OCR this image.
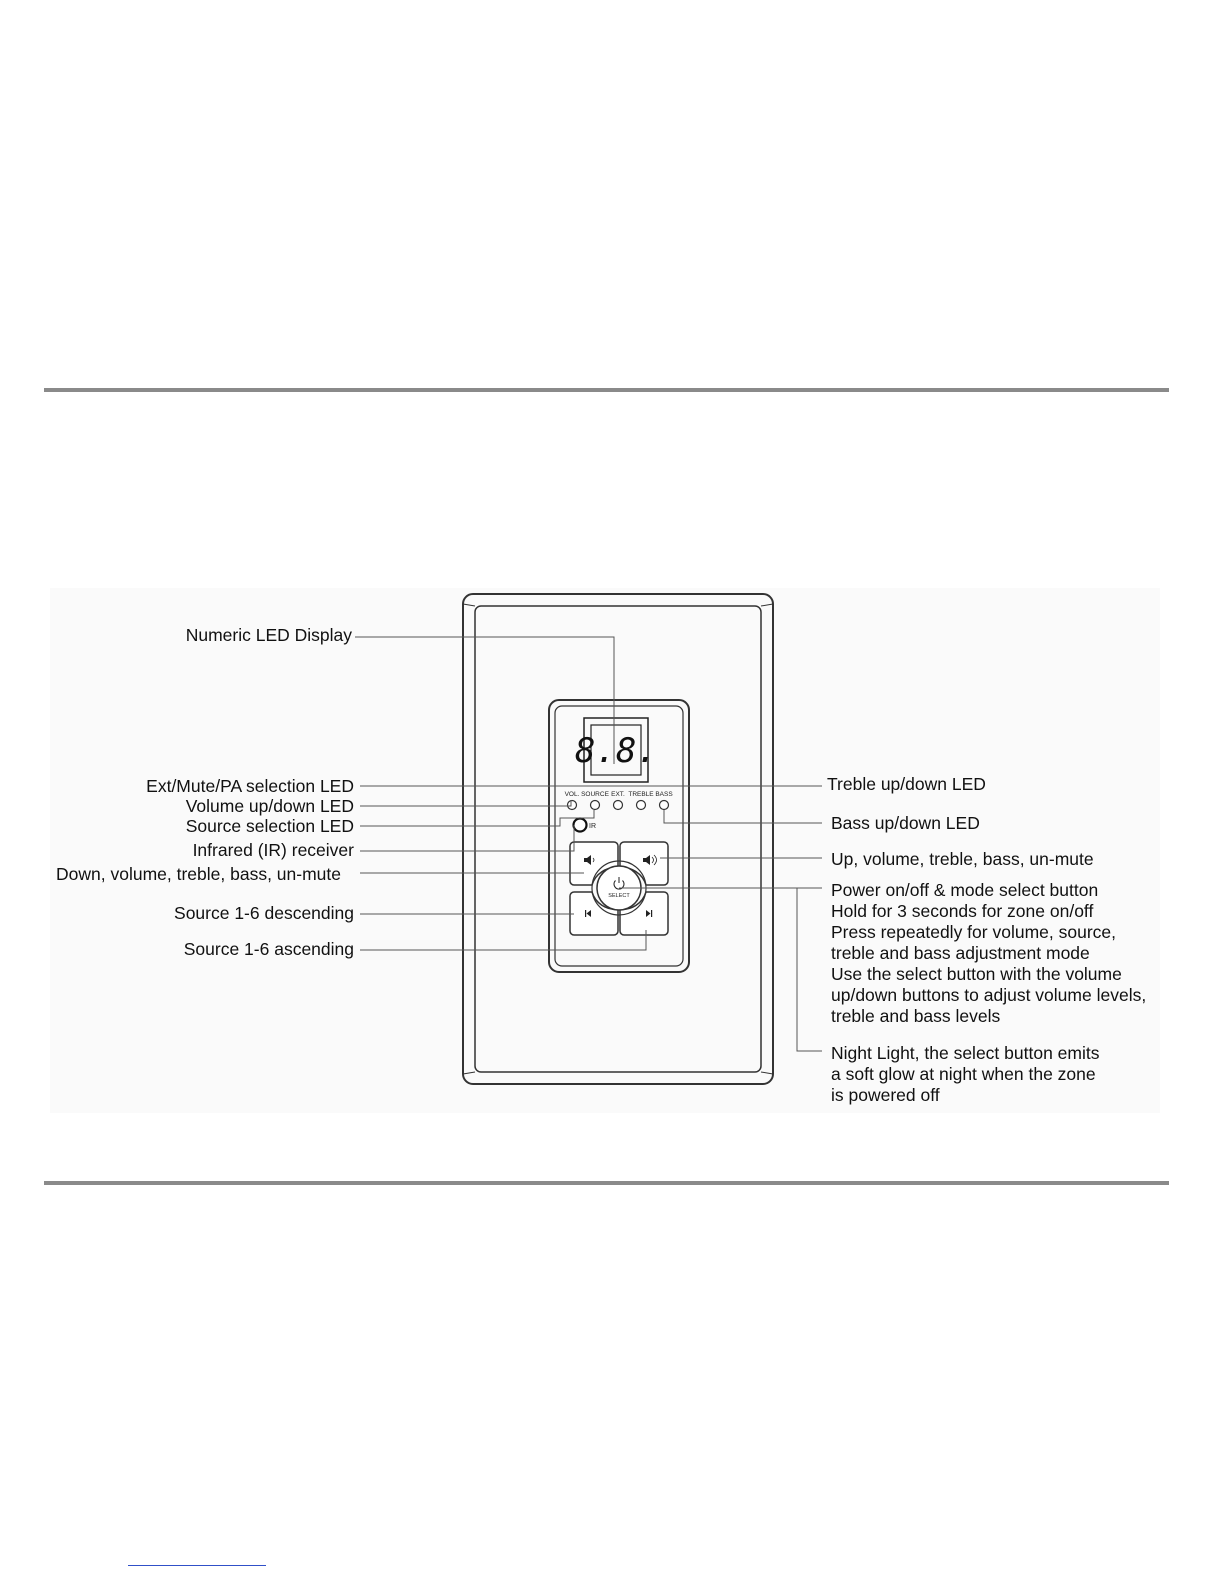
8.8.
VOL. SOURCE EXT. TREBLE BASS
IR
SELECT
Numeric LED Display
Ext/Mute/PA selection LED
Volume up/down LED
Source selection LED
Infrared (IR) receiver
Down, volume, treble, bass, un-mute
Source 1-6 descending
Source 1-6 ascending
Treble up/down LED
Bass up/down LED
Up, volume, treble, bass, un-mute
Power on/off & mode select button
Hold for 3 seconds for zone on/off
Press repeatedly for volume, source,
treble and bass adjustment mode
Use the select button with the volume
up/down buttons to adjust volume levels,
treble and bass levels
Night Light, the select button emits
a soft glow at night when the zone
is powered off
